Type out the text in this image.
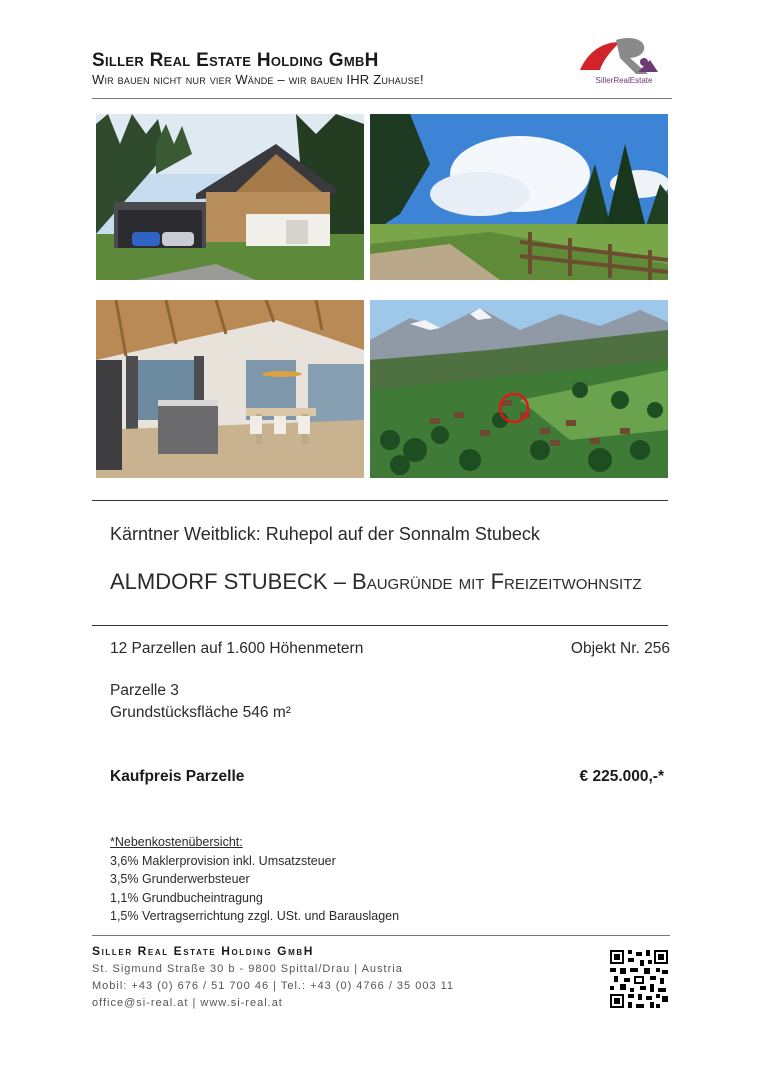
Siller Real Estate Holding GmbH
Wir bauen nicht nur vier Wände – wir bauen IHR Zuhause!	SillerRealEstate
Kärntner Weitblick: Ruhepol auf der Sonnalm Stubeck
ALMDORF STUBECK – Baugründe mit Freizeitwohnsitz
12 Parzellen auf 1.600 Höhenmetern	Objekt Nr. 256
Parzelle 3
Grundstücksfläche 546 m²
Kaufpreis Parzelle	€ 225.000,-*
*Nebenkostenübersicht:
3,6% Maklerprovision inkl. Umsatzsteuer
3,5% Grunderwerbsteuer
1,1% Grundbucheintragung
1,5% Vertragserrichtung zzgl. USt. und Barauslagen
Siller Real Estate Holding GmbH
St. Sigmund Straße 30 b - 9800 Spittal/Drau | Austria
Mobil: +43 (0) 676 / 51 700 46 | Tel.: +43 (0) 4766 / 35 003 11
office@si-real.at | www.si-real.at
